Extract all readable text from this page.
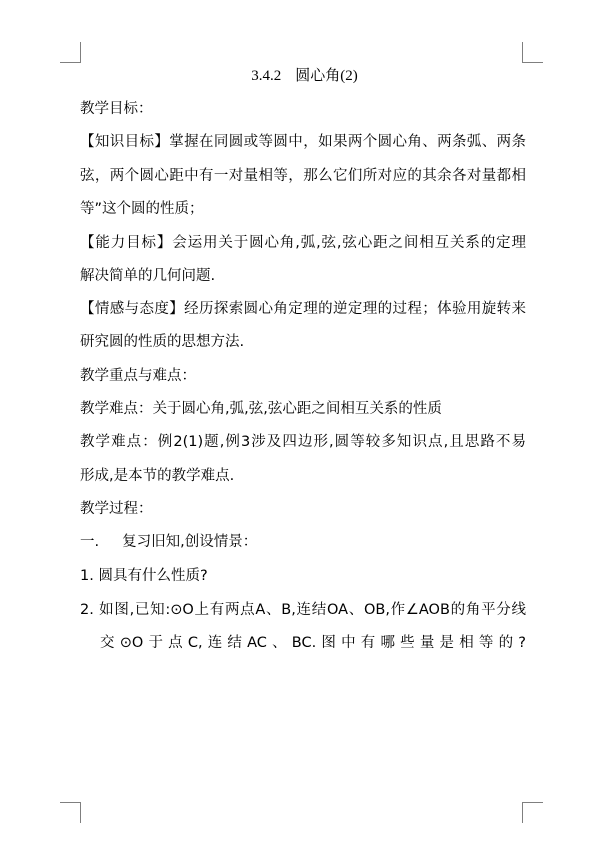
3.4.2 圆心角(2)
教学目标：
【知识目标】掌握在同圆或等圆中，如果两个圆心角、两条弧、两条
弦，两个圆心距中有一对量相等，那么它们所对应的其余各对量都相
等”这个圆的性质；
【能力目标】会运用关于圆心角,弧,弦,弦心距之间相互关系的定理
解决简单的几何问题.
【情感与态度】经历探索圆心角定理的逆定理的过程；体验用旋转来
研究圆的性质的思想方法.
教学重点与难点：
教学难点：关于圆心角,弧,弦,弦心距之间相互关系的性质
教学难点：例2(1)题,例3涉及四边形,圆等较多知识点,且思路不易
形成,是本节的教学难点.
教学过程：
一.     复习旧知,创设情景：
1. 圆具有什么性质?
2. 如图,已知:⊙O上有两点A、B,连结OA、OB,作∠AOB的角平分线
交⊙O于点C,连结AC、BC.图中有哪些量是相等的?
